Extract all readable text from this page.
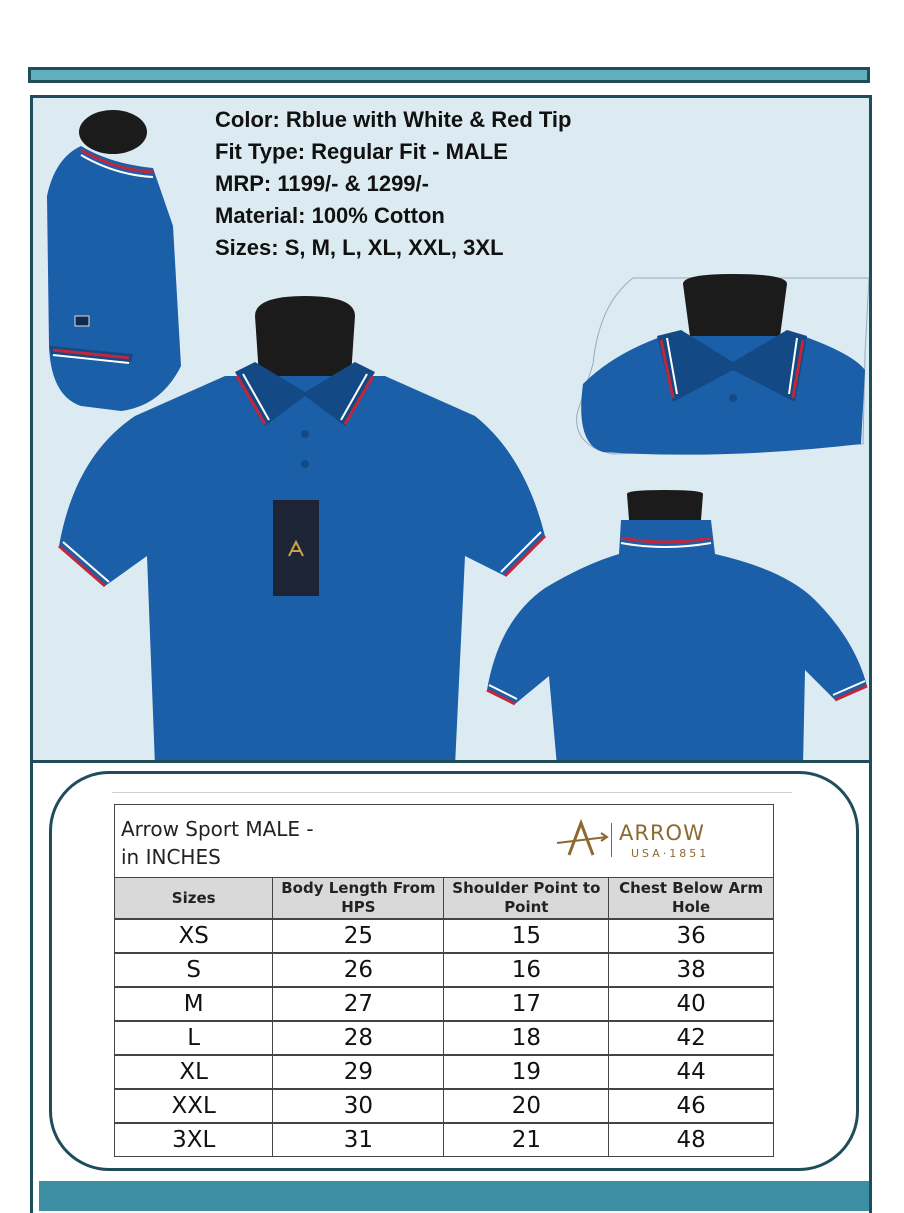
Color: Rblue with White & Red Tip
Fit Type: Regular Fit - MALE
MRP: 1199/- & 1299/-
Material: 100% Cotton
Sizes: S, M, L, XL, XXL, 3XL
Arrow Sport MALE -
in INCHES
ARROW
USA·1851
Sizes	Body Length From HPS	Shoulder Point to Point	Chest Below Arm Hole
XS	25	15	36
S	26	16	38
M	27	17	40
L	28	18	42
XL	29	19	44
XXL	30	20	46
3XL	31	21	48
